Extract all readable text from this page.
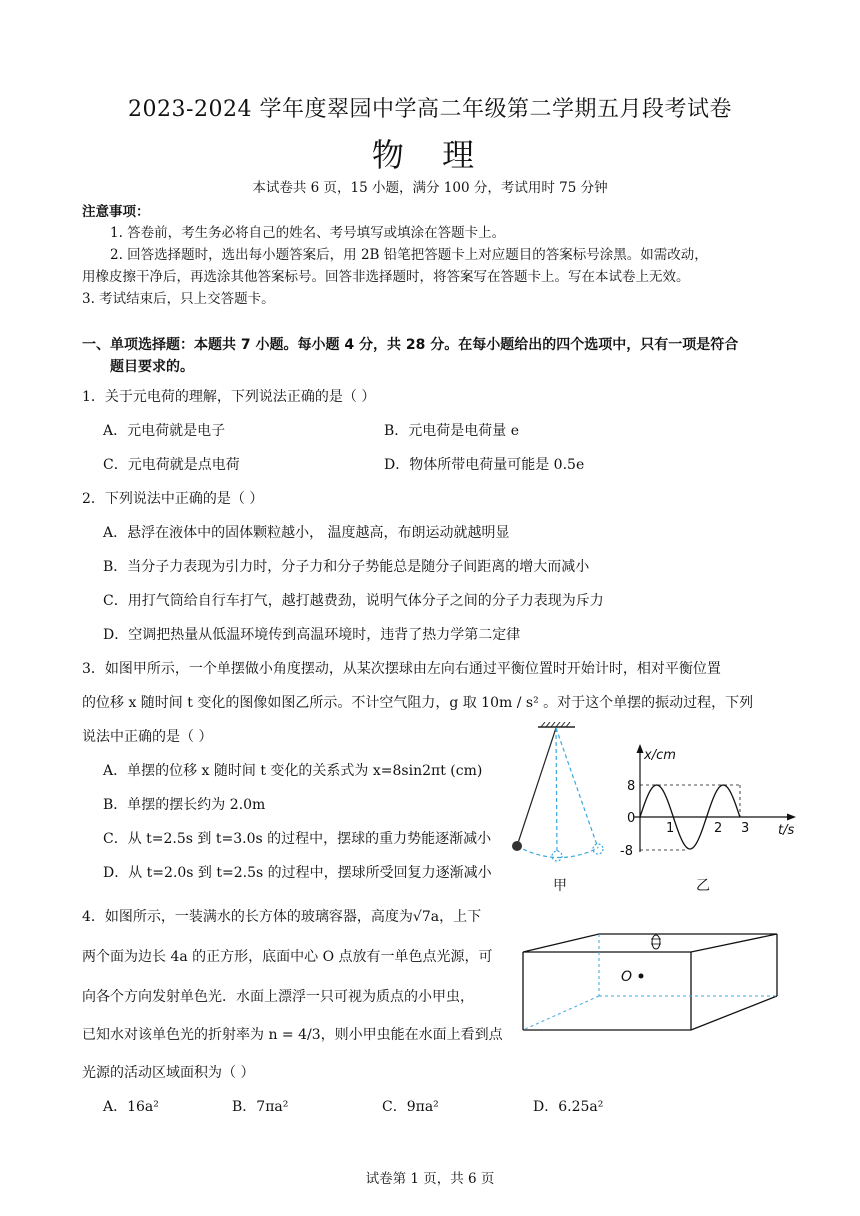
2023-2024 学年度翠园中学高二年级第二学期五月段考试卷
物 理
本试卷共 6 页，15 小题，满分 100 分，考试用时 75 分钟
注意事项：
1. 答卷前，考生务必将自己的姓名、考号填写或填涂在答题卡上。
2. 回答选择题时，选出每小题答案后，用 2B 铅笔把答题卡上对应题目的答案标号涂黑。如需改动，
用橡皮擦干净后，再选涂其他答案标号。回答非选择题时，将答案写在答题卡上。写在本试卷上无效。
3. 考试结束后，只上交答题卡。
一、单项选择题：本题共 7 小题。每小题 4 分，共 28 分。在每小题给出的四个选项中，只有一项是符合
题目要求的。
1．关于元电荷的理解，下列说法正确的是（ ）
A．元电荷就是电子	B．元电荷是电荷量 e
C．元电荷就是点电荷	D．物体所带电荷量可能是 0.5e
2．下列说法中正确的是（ ）
A．悬浮在液体中的固体颗粒越小， 温度越高，布朗运动就越明显
B．当分子力表现为引力时，分子力和分子势能总是随分子间距离的增大而减小
C．用打气筒给自行车打气，越打越费劲，说明气体分子之间的分子力表现为斥力
D．空调把热量从低温环境传到高温环境时，违背了热力学第二定律
3．如图甲所示，一个单摆做小角度摆动，从某次摆球由左向右通过平衡位置时开始计时，相对平衡位置
的位移 x 随时间 t 变化的图像如图乙所示。不计空气阻力，g 取 10m / s² 。对于这个单摆的振动过程，下列
说法中正确的是（ ）
A．单摆的位移 x 随时间 t 变化的关系式为 x=8sin2πt (cm)
B．单摆的摆长约为 2.0m
C．从 t=2.5s 到 t=3.0s 的过程中，摆球的重力势能逐渐减小
D．从 t=2.0s 到 t=2.5s 的过程中，摆球所受回复力逐渐减小
甲
x/cm
t/s
8
0
-8
1	2 3
乙
4．如图所示，一装满水的长方体的玻璃容器，高度为√7a，上下
两个面为边长 4a 的正方形，底面中心 O 点放有一单色点光源，可
向各个方向发射单色光．水面上漂浮一只可视为质点的小甲虫，
已知水对该单色光的折射率为 n = 4/3，则小甲虫能在水面上看到点
光源的活动区域面积为（ ）
O
A．16a²	B．7πa²	C．9πa²	D．6.25a²
试卷第 1 页，共 6 页
